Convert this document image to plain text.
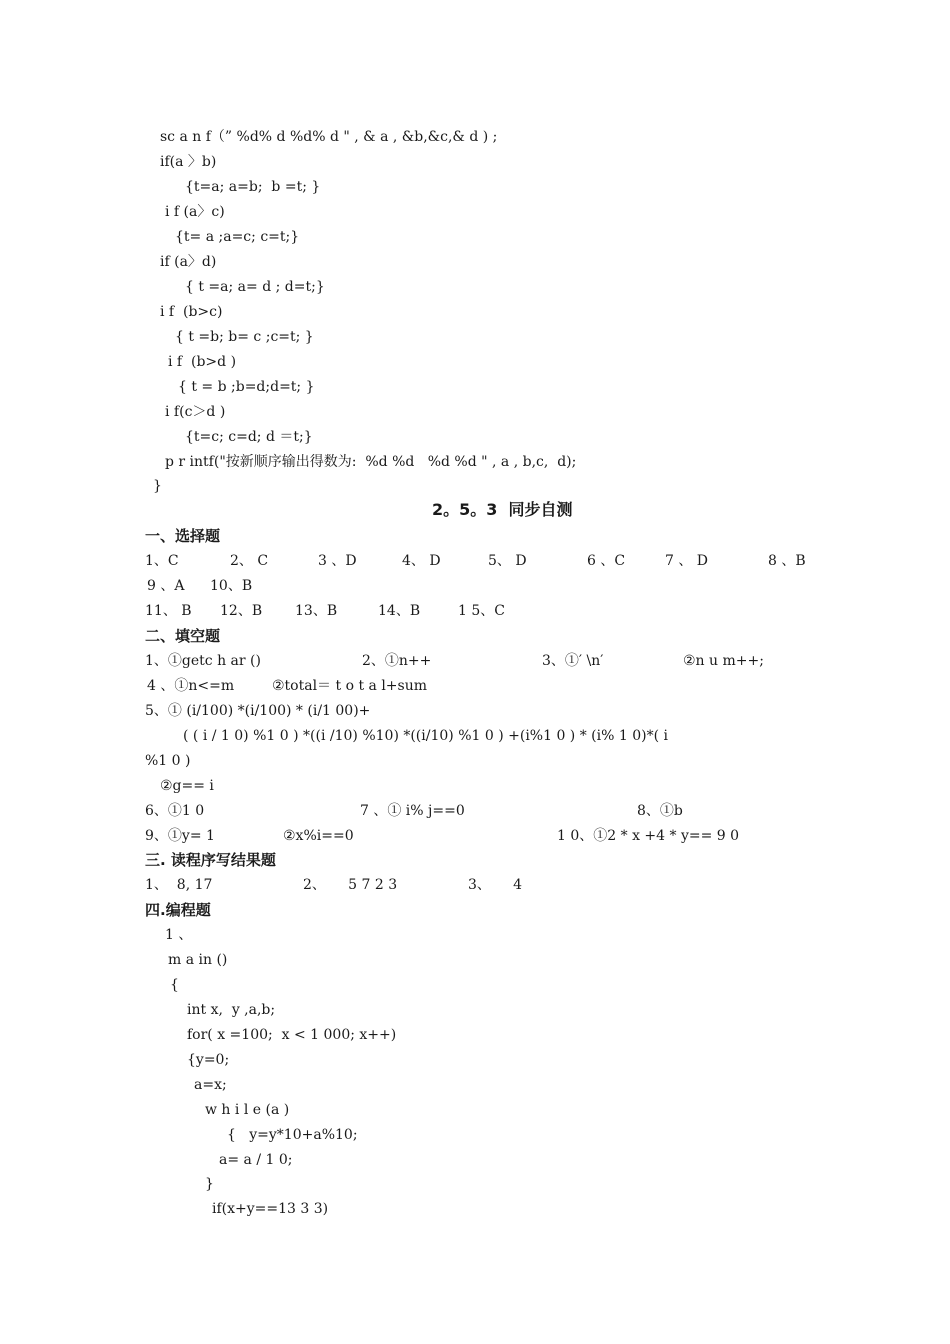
sc a n f（” %d% d %d% d " , & a , &b,&c,& d ) ;
if(a 〉b)
{t=a; a=b;  b =t; }
i f (a〉c)
{t= a ;a=c; c=t;}
if (a〉d)
{ t =a; a= d ; d=t;}
i f  (b>c)
{ t =b; b= c ;c=t; }
i f  (b>d )
{ t = b ;b=d;d=t; }
i f(c＞d )
{t=c; c=d; d ＝t;}
p r intf("按新顺序输出得数为:  %d %d   %d %d " , a , b,c,  d);
}
2。5。3  同步自测
一、选择题
1、C	2、 C	3 、D	4、 D	5、 D	6 、C	7 、 D	8 、B
9 、A 10、B
11、 B 12、B 13、B	14、B	1 5、C
二、填空题
1、①getc h ar ()	2、①n++	3、①′ \n′	②n u m++;
4 、①n<=m	②total＝ t o t a l+sum
5、① (i/100) *(i/100) * (i/1 00)+
( ( i / 1 0) %1 0 ) *((i /10) %10) *((i/10) %1 0 ) +(i%1 0 ) * (i% 1 0)*( i
%1 0 )
②g== i
6、①1 0	7 、① i% j==0	8、①b
9、①y= 1	②x%i==0	1 0、①2 * x +4 * y== 9 0
三. 读程序写结果题
1、  8, 17	2、     5 7 2 3	3、     4
四.编程题
1 、
m a in ()
{
int x,  y ,a,b;
for( x =100;  x < 1 000; x++)
{y=0;
a=x;
w h i l e (a )
{   y=y*10+a%10;
a= a / 1 0;
}
if(x+y==13 3 3)
